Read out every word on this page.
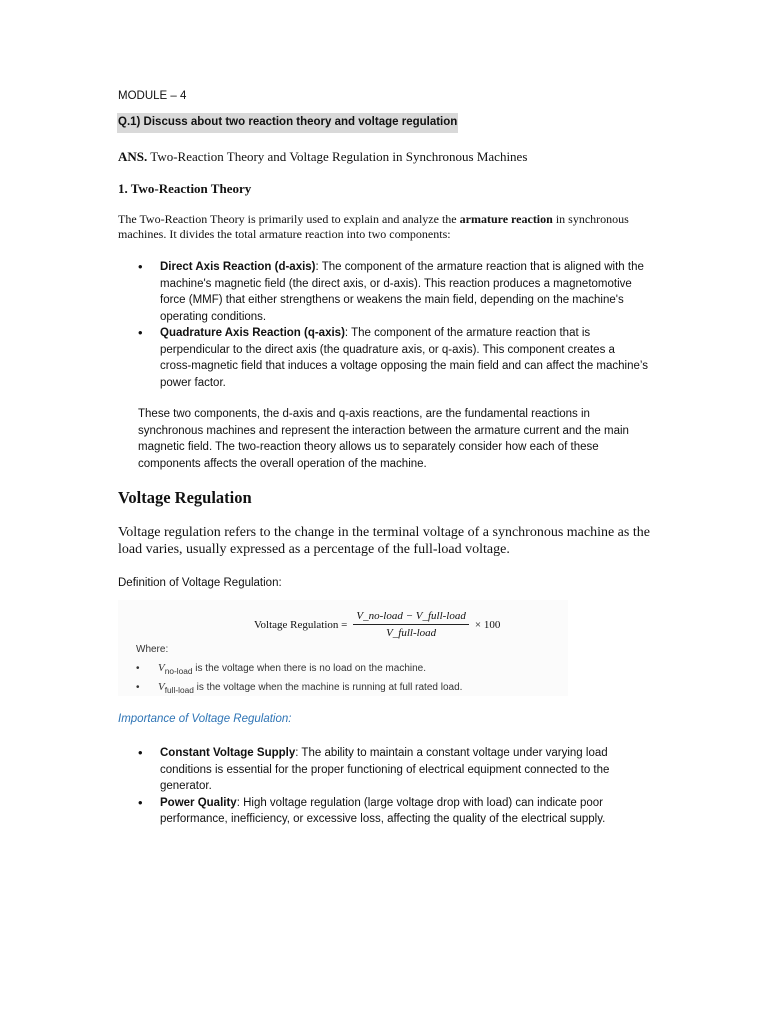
MODULE – 4
Q.1) Discuss about two reaction theory and voltage regulation
ANS. Two-Reaction Theory and Voltage Regulation in Synchronous Machines
1. Two-Reaction Theory
The Two-Reaction Theory is primarily used to explain and analyze the armature reaction in synchronous machines. It divides the total armature reaction into two components:
• Direct Axis Reaction (d-axis): The component of the armature reaction that is aligned with the machine's magnetic field (the direct axis, or d-axis). This reaction produces a magnetomotive force (MMF) that either strengthens or weakens the main field, depending on the machine's operating conditions.
• Quadrature Axis Reaction (q-axis): The component of the armature reaction that is perpendicular to the direct axis (the quadrature axis, or q-axis). This component creates a cross-magnetic field that induces a voltage opposing the main field and can affect the machine’s power factor.
These two components, the d-axis and q-axis reactions, are the fundamental reactions in synchronous machines and represent the interaction between the armature current and the main magnetic field. The two-reaction theory allows us to separately consider how each of these components affects the overall operation of the machine.
Voltage Regulation
Voltage regulation refers to the change in the terminal voltage of a synchronous machine as the load varies, usually expressed as a percentage of the full-load voltage.
Definition of Voltage Regulation:
Voltage Regulation = $\frac{\text{V\_no-load − V\_full-load}}{\text{V\_full-load}} \times 100$
Where:
• $V_{no-load}$ is the voltage when there is no load on the machine.
• $V_{full-load}$ is the voltage when the machine is running at full rated load.
Importance of Voltage Regulation:
• Constant Voltage Supply: The ability to maintain a constant voltage under varying load conditions is essential for the proper functioning of electrical equipment connected to the generator.
• Power Quality: High voltage regulation (large voltage drop with load) can indicate poor performance, inefficiency, or excessive loss, affecting the quality of the electrical supply.
